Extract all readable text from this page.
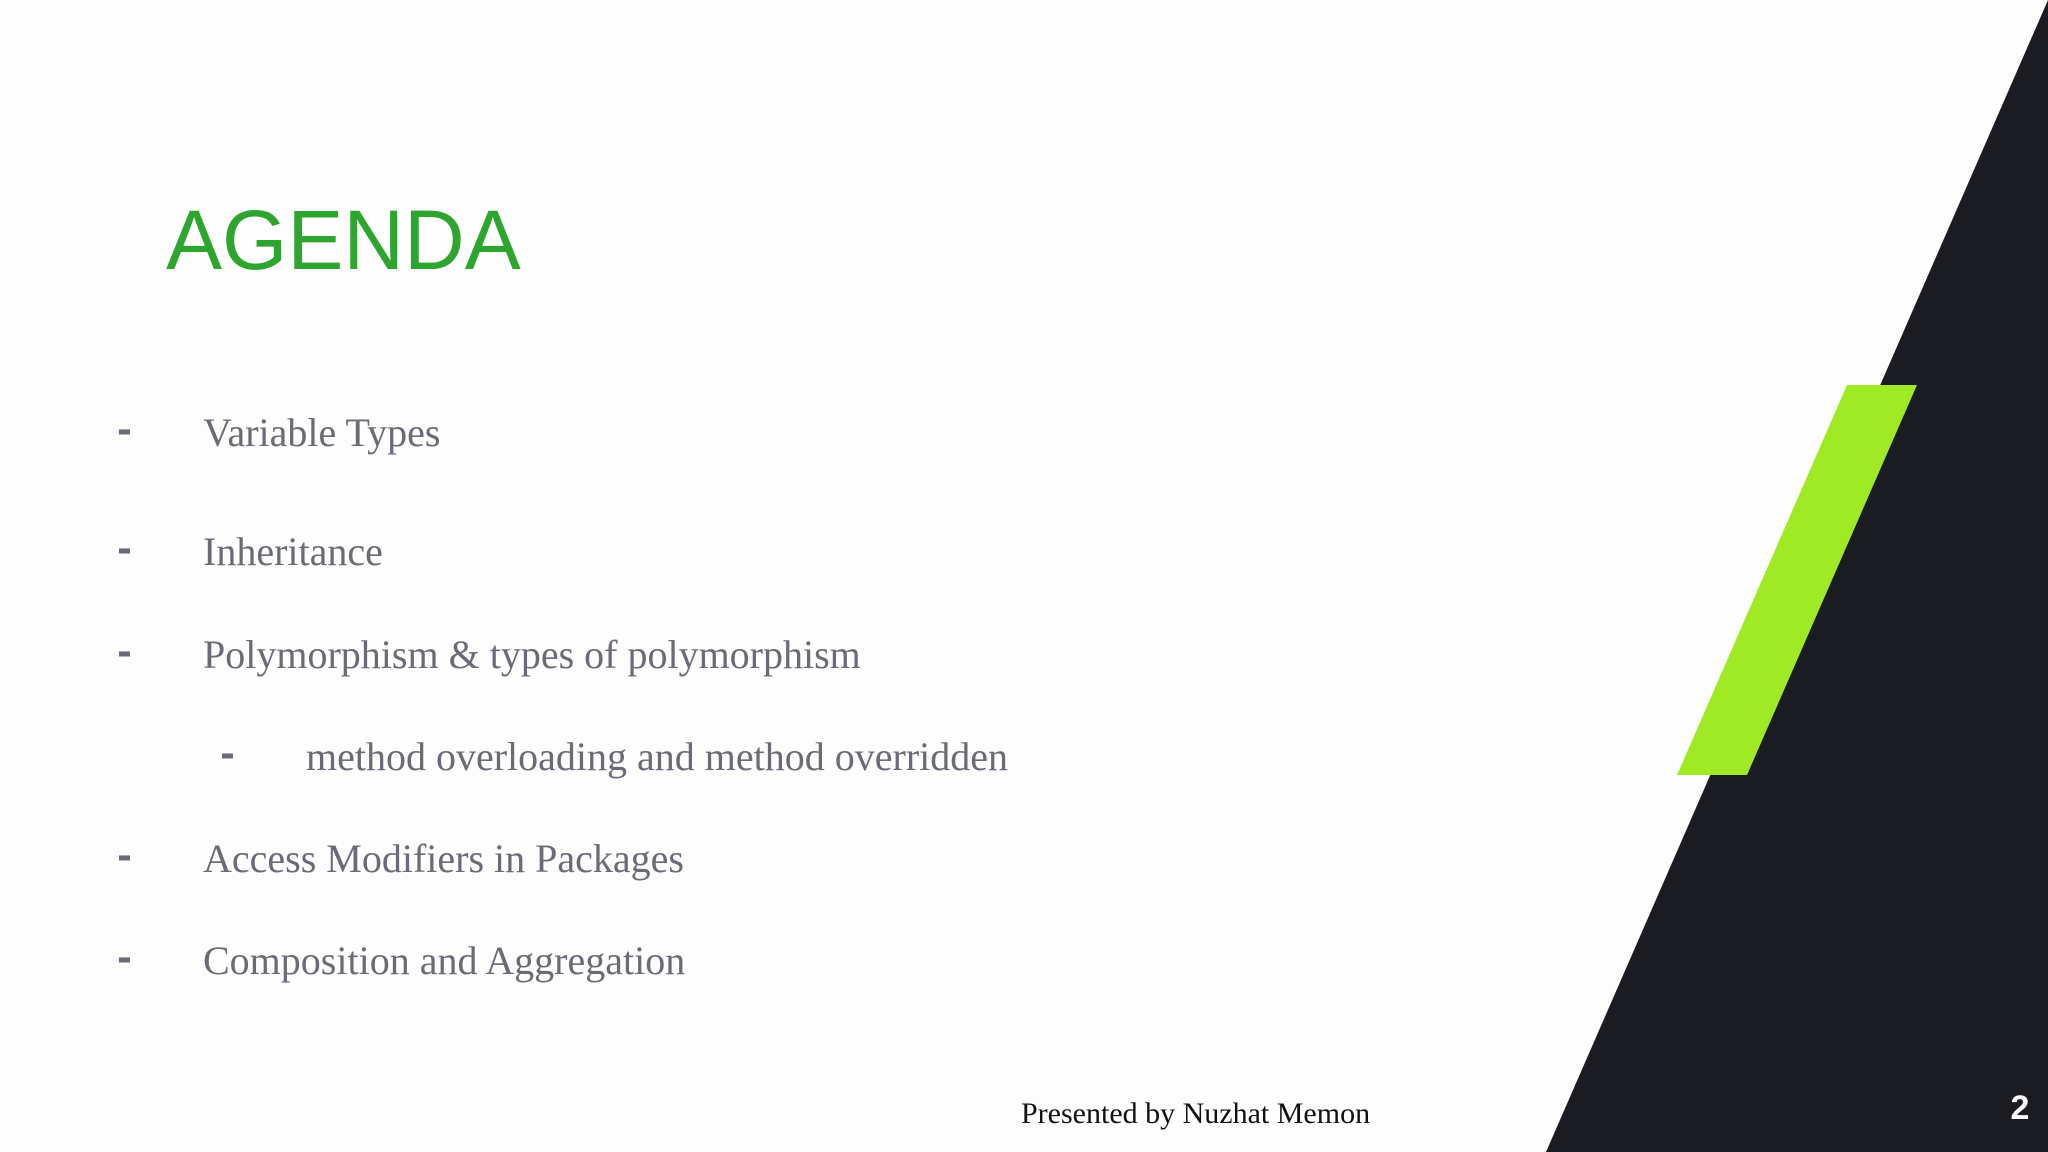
AGENDA
- Variable Types
- Inheritance
- Polymorphism & types of polymorphism
- method overloading and method overridden
- Access Modifiers in Packages
- Composition and Aggregation
Presented by Nuzhat Memon	2
